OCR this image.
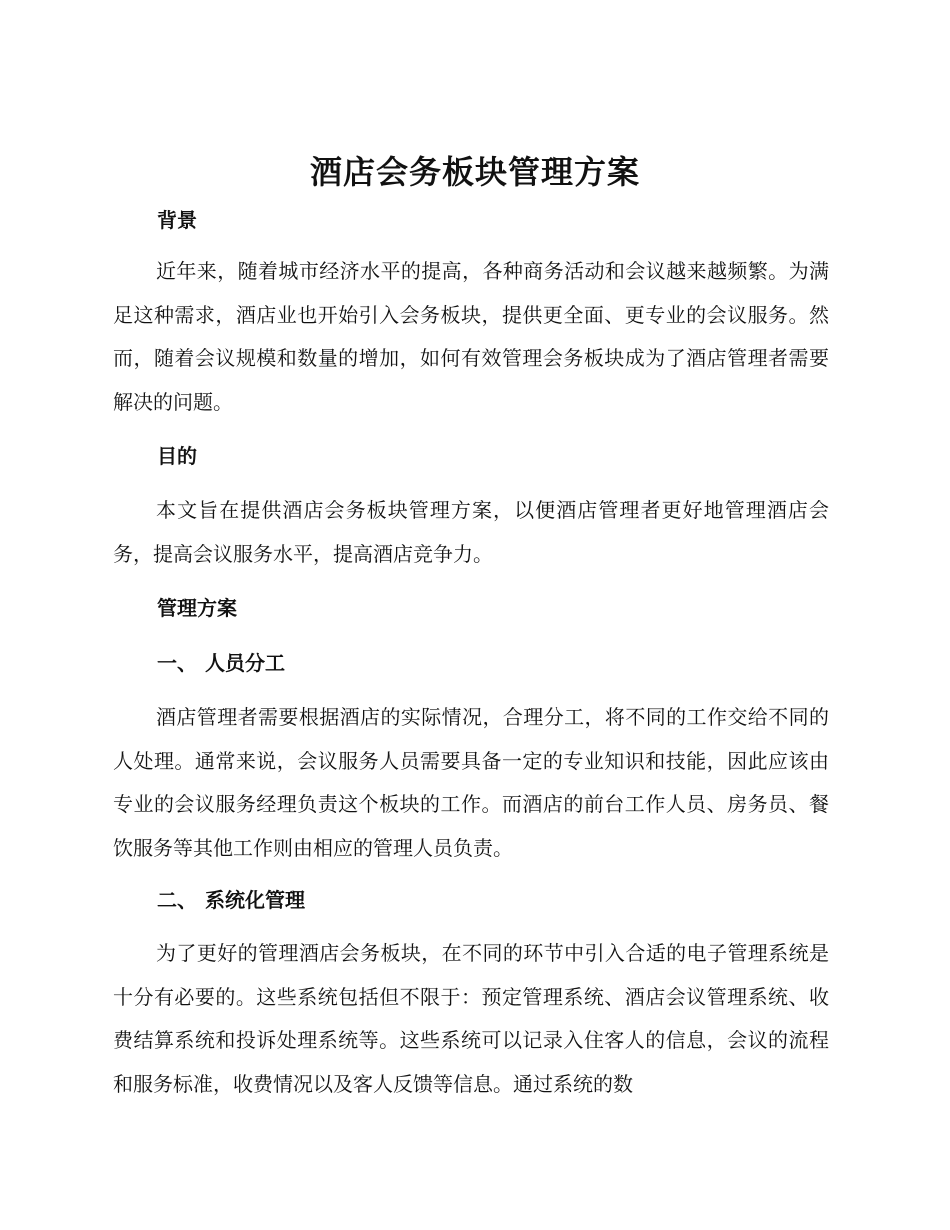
酒店会务板块管理方案
背景
近年来，随着城市经济水平的提高，各种商务活动和会议越来越频繁。为满足这种需求，酒店业也开始引入会务板块，提供更全面、更专业的会议服务。然而，随着会议规模和数量的增加，如何有效管理会务板块成为了酒店管理者需要解决的问题。
目的
本文旨在提供酒店会务板块管理方案，以便酒店管理者更好地管理酒店会务，提高会议服务水平，提高酒店竞争力。
管理方案
一、 人员分工
酒店管理者需要根据酒店的实际情况，合理分工，将不同的工作交给不同的人处理。通常来说，会议服务人员需要具备一定的专业知识和技能，因此应该由专业的会议服务经理负责这个板块的工作。而酒店的前台工作人员、房务员、餐饮服务等其他工作则由相应的管理人员负责。
二、 系统化管理
为了更好的管理酒店会务板块，在不同的环节中引入合适的电子管理系统是十分有必要的。这些系统包括但不限于：预定管理系统、酒店会议管理系统、收费结算系统和投诉处理系统等。这些系统可以记录入住客人的信息，会议的流程和服务标准，收费情况以及客人反馈等信息。通过系统的数
